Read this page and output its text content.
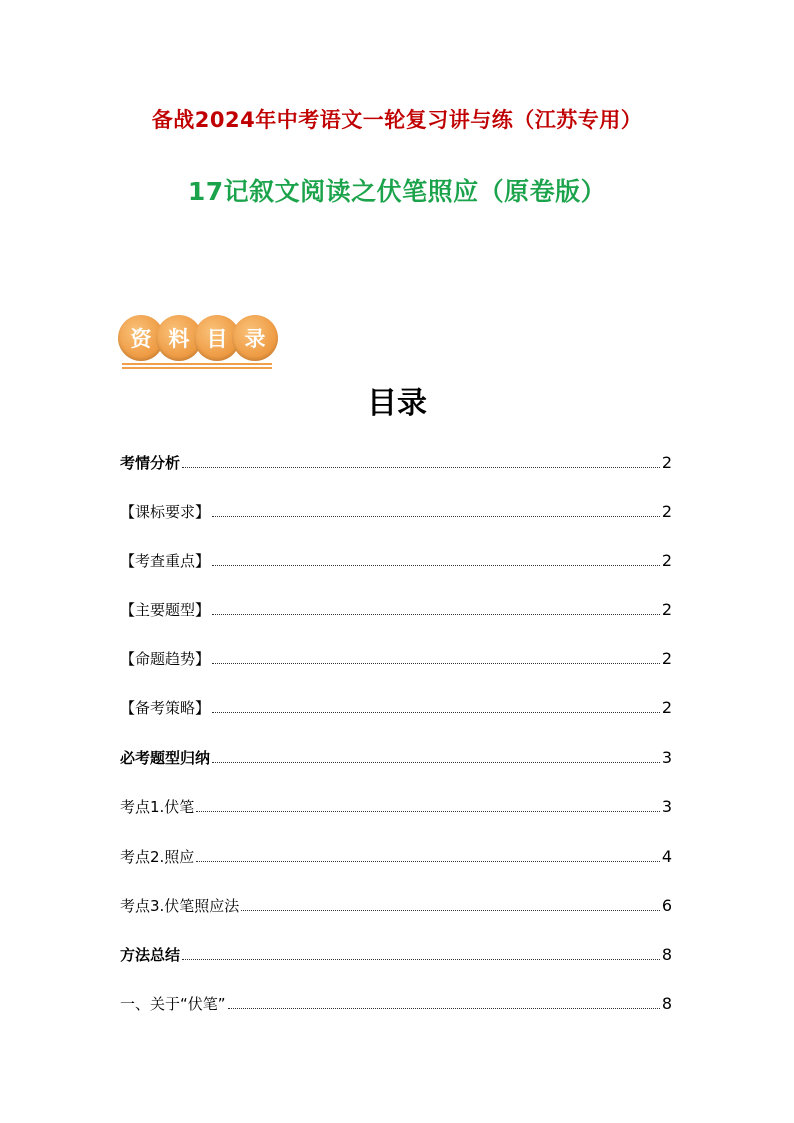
备战2024年中考语文一轮复习讲与练（江苏专用）
17记叙文阅读之伏笔照应（原卷版）
资 料 目 录
目录
考情分析	2
【课标要求】	2
【考查重点】	2
【主要题型】	2
【命题趋势】	2
【备考策略】	2
必考题型归纳	3
考点1.伏笔	3
考点2.照应	4
考点3.伏笔照应法	6
方法总结	8
一、关于“伏笔”	8
